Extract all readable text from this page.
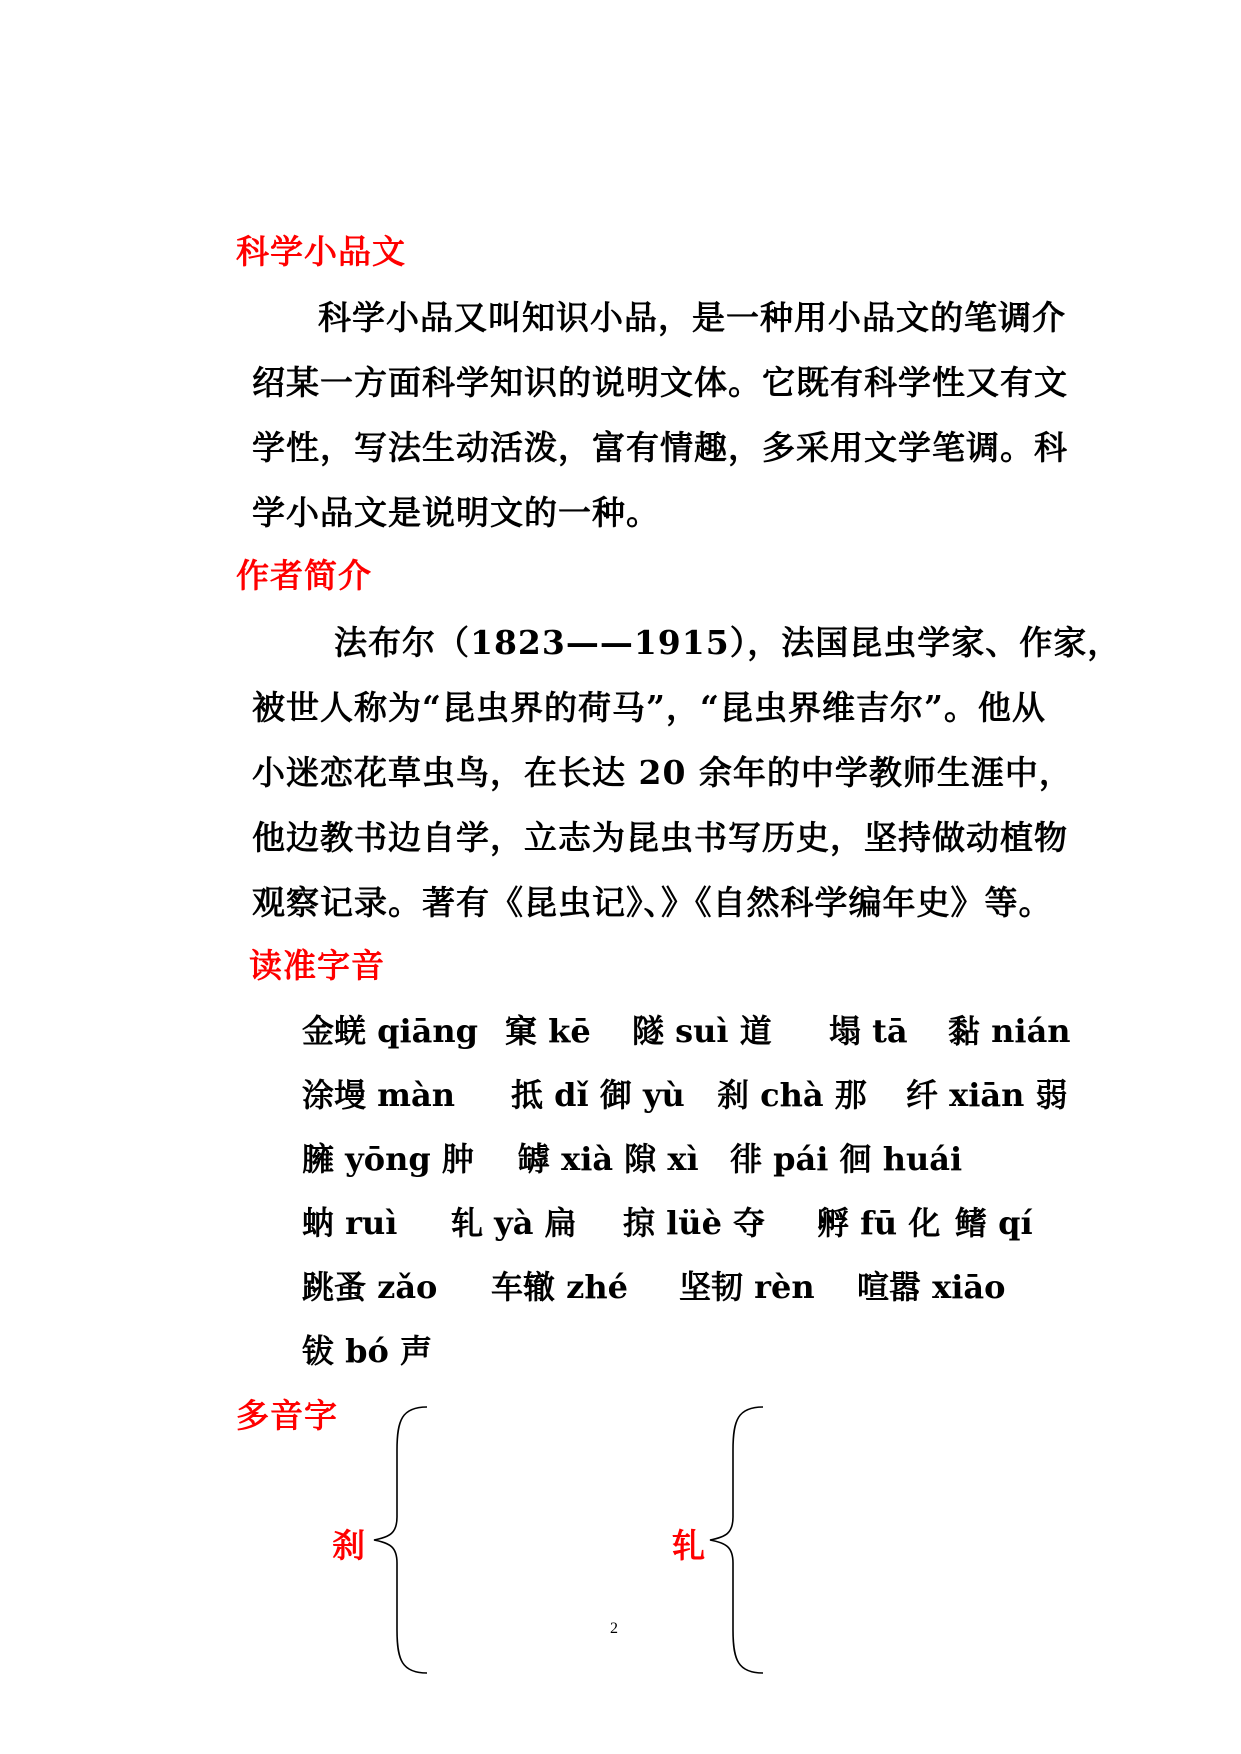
科学小品文
科学小品又叫知识小品，是一种用小品文的笔调介
绍某一方面科学知识的说明文体。它既有科学性又有文
学性，写法生动活泼，富有情趣，多采用文学笔调。科
学小品文是说明文的一种。
作者简介
法布尔（1823——1915），法国昆虫学家、作家，
被世人称为“昆虫界的荷马”，“昆虫界维吉尔”。他从
小迷恋花草虫鸟，在长达 20 余年的中学教师生涯中，
他边教书边自学，立志为昆虫书写历史，坚持做动植物
观察记录。著有《昆虫记》、》《自然科学编年史》等。
读准字音
金蜣 qiāng 窠 kē 隧 suì 道 塌 tā 黏 nián
涂墁 màn 抵 dǐ 御 yù 刹 chà 那 纤 xiān 弱
臃 yōng 肿 罅 xià 隙 xì 徘 pái 徊 huái
蚋 ruì 轧 yà 扁 掠 lüè 夺 孵 fū 化 鳍 qí
跳蚤 zǎo 车辙 zhé 坚韧 rèn 喧嚣 xiāo
钹 bó 声
多音字
刹	轧
2
